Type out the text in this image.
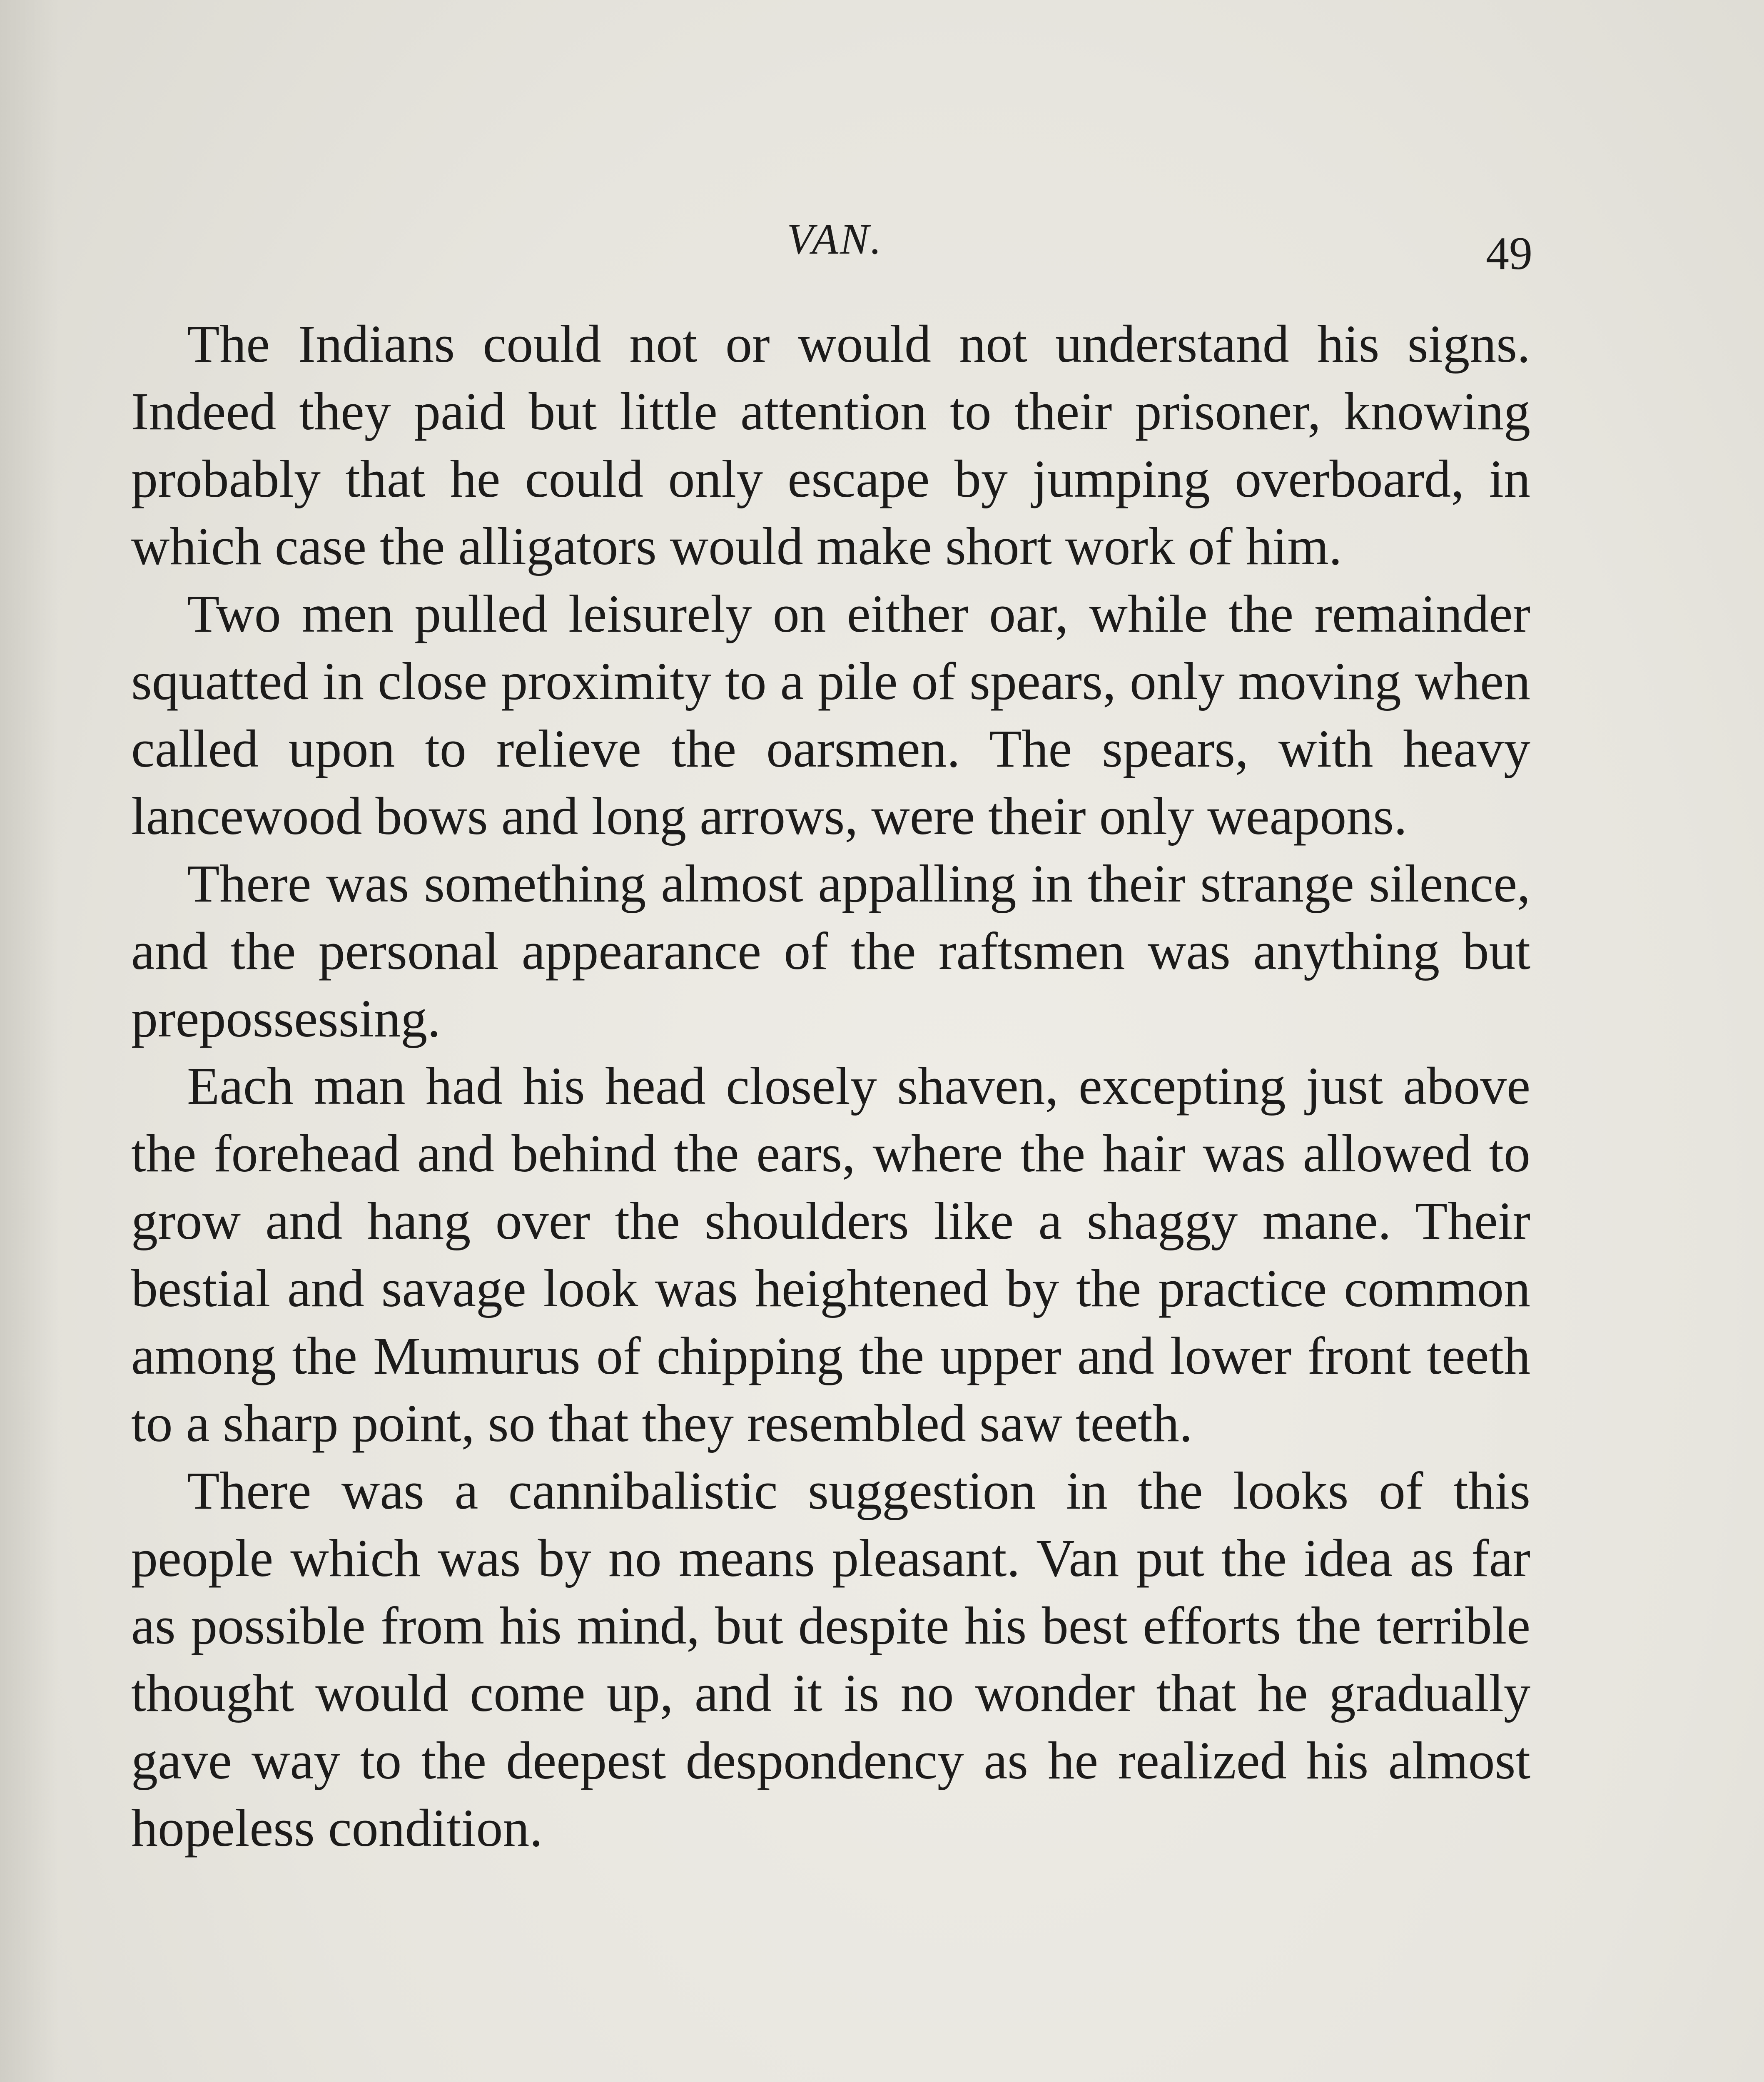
VAN.	49

The Indians could not or would not understand his signs. Indeed they paid but little attention to their prisoner, knowing probably that he could only escape by jumping overboard, in which case the alligators would make short work of him.

Two men pulled leisurely on either oar, while the remainder squatted in close proximity to a pile of spears, only moving when called upon to relieve the oarsmen. The spears, with heavy lancewood bows and long arrows, were their only weapons.

There was something almost appalling in their strange silence, and the personal appearance of the raftsmen was anything but prepossessing.

Each man had his head closely shaven, excepting just above the forehead and behind the ears, where the hair was allowed to grow and hang over the shoulders like a shaggy mane. Their bestial and savage look was heightened by the practice common among the Mumurus of chipping the upper and lower front teeth to a sharp point, so that they resembled saw teeth.

There was a cannibalistic suggestion in the looks of this people which was by no means pleasant. Van put the idea as far as possible from his mind, but despite his best efforts the terrible thought would come up, and it is no wonder that he gradually gave way to the deepest despondency as he realized his almost hopeless condition.
